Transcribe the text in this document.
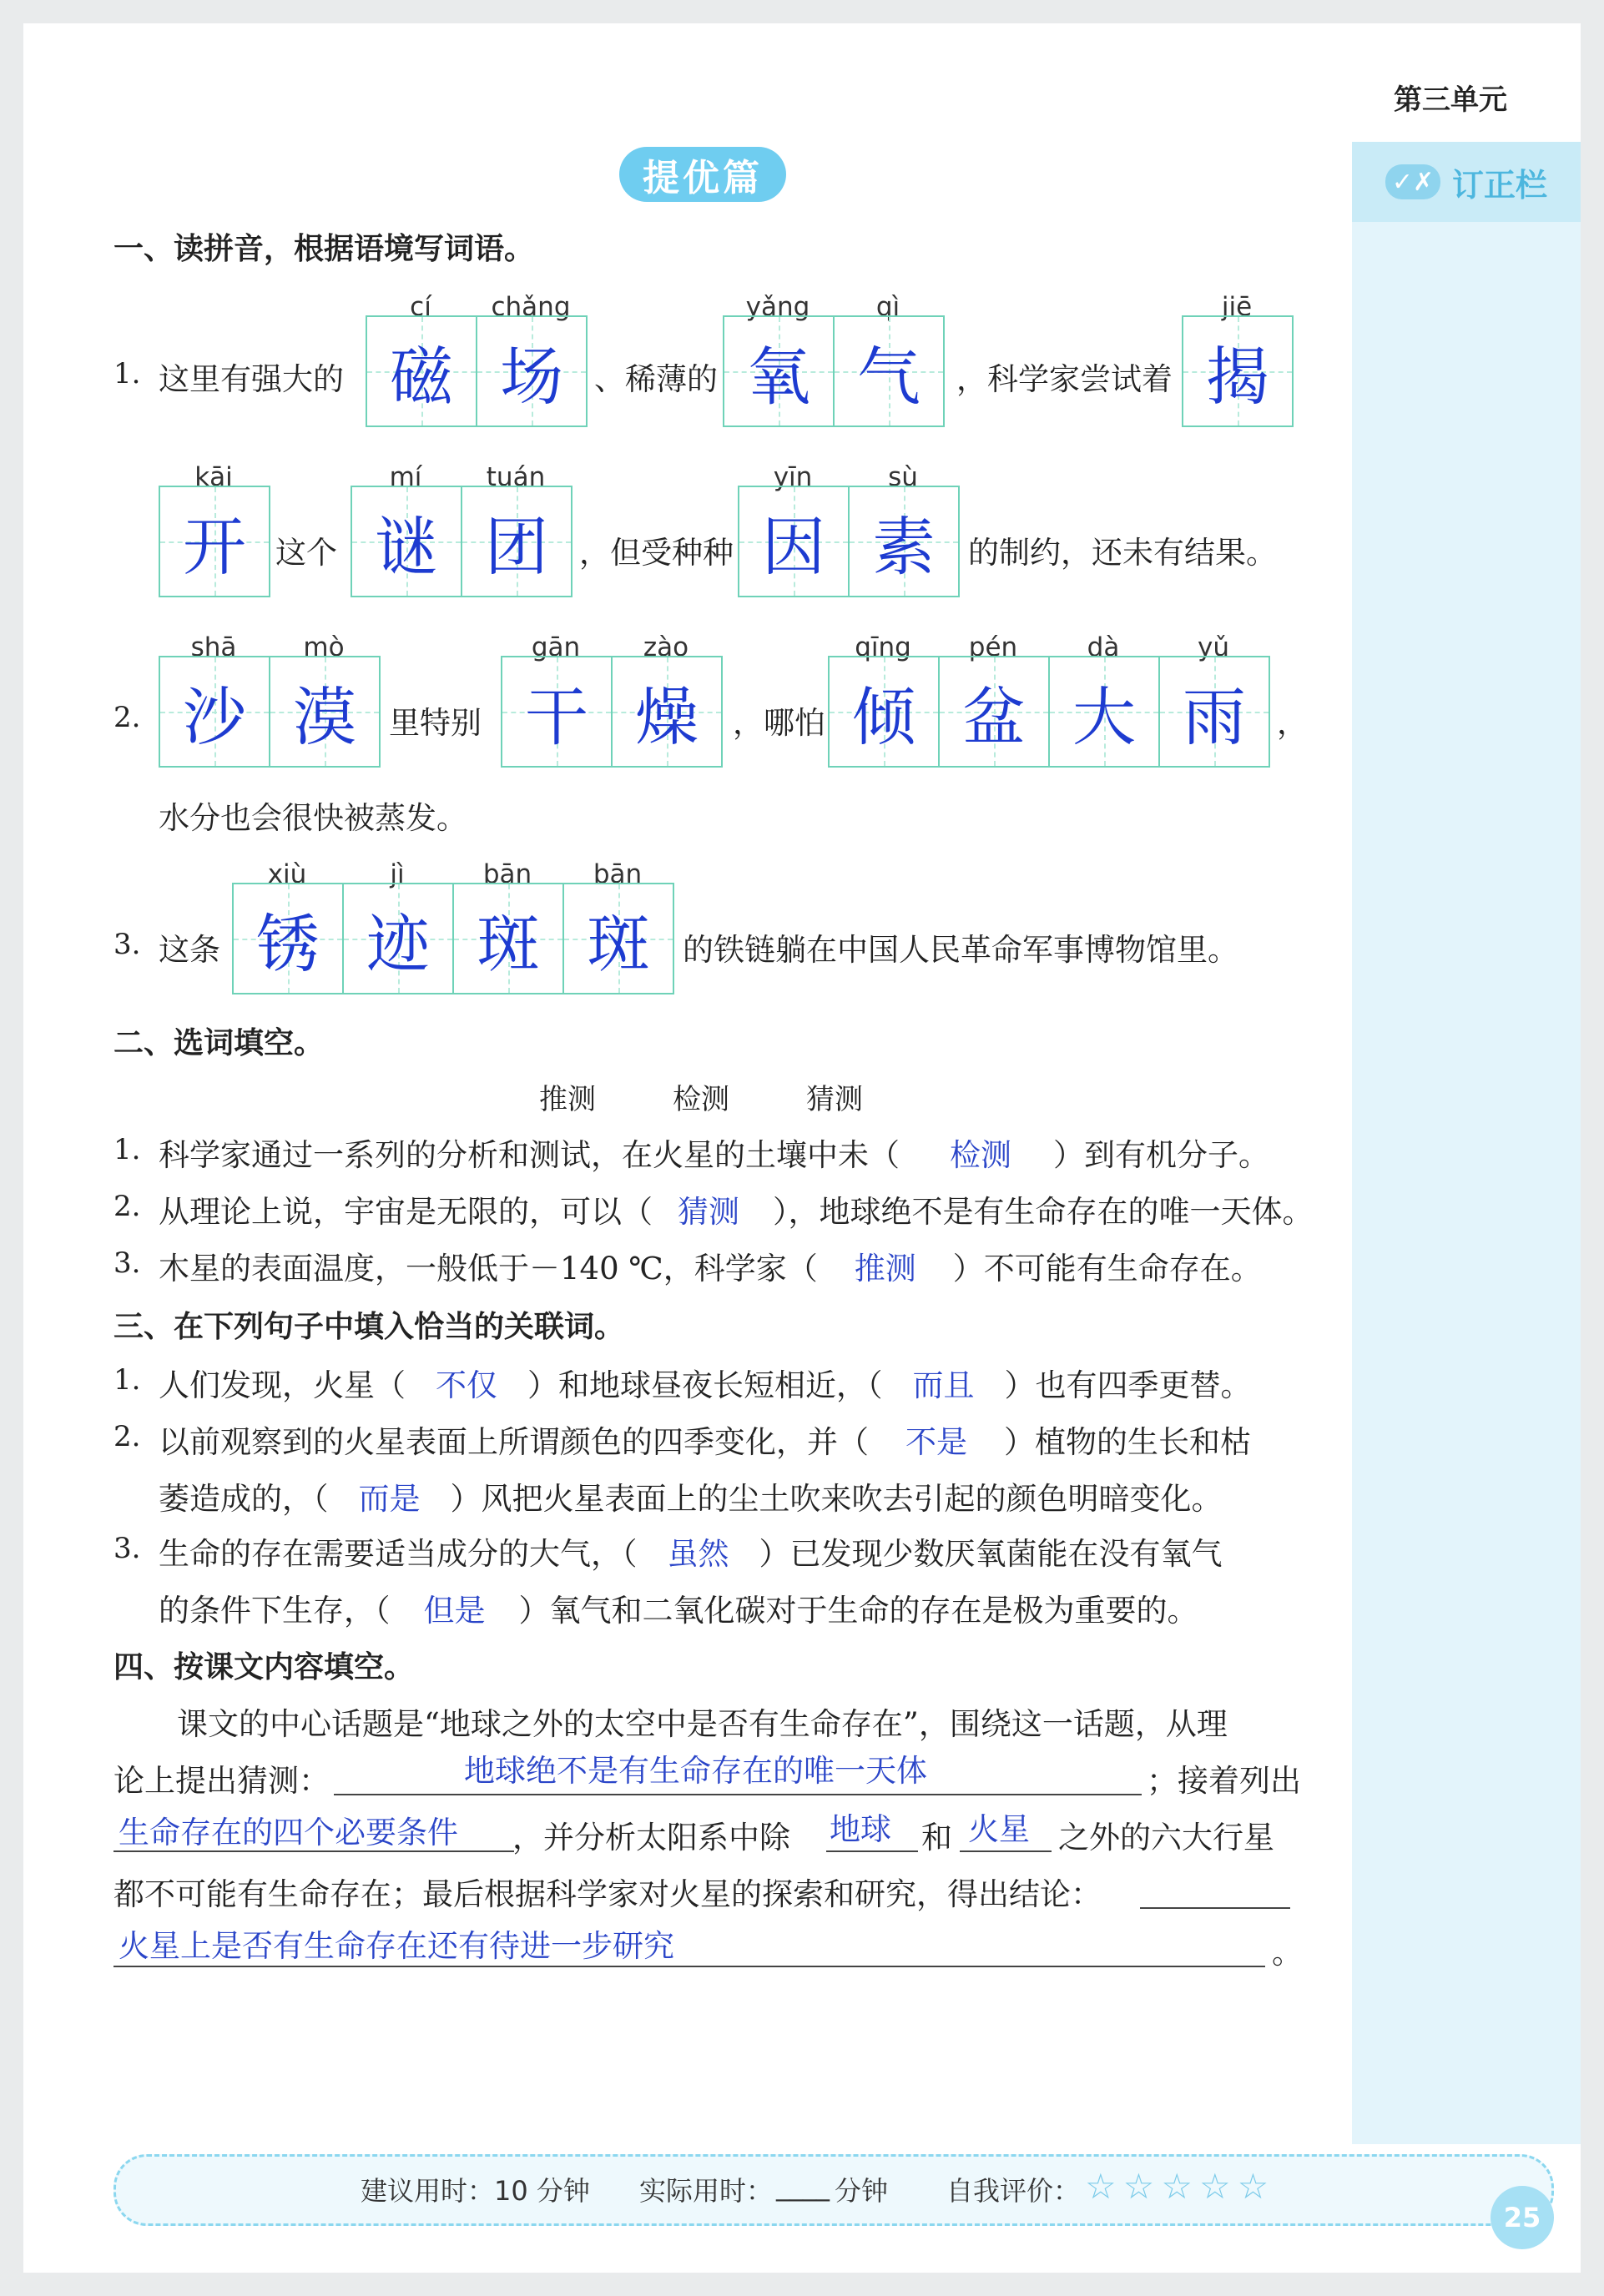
✓✗ 订正栏
第三单元
提优篇
一、读拼音，根据语境写词语。
1. 这里有强大的
cí	chǎng
磁 场 、稀薄的
yǎng	qì
氧 气 ，科学家尝试着
jiē
揭
kāi
开 这个
mí	tuán
谜 团 ，但受种种
yīn	sù
因 素 的制约，还未有结果。
2.
shā	mò
沙 漠 里特别
gān	zào
干 燥 ，哪怕
qīng	pén	dà	yǔ
倾 盆 大 雨 ，
水分也会很快被蒸发。
3. 这条
xiù	jì	bān	bān
锈 迹 斑 斑 的铁链躺在中国人民革命军事博物馆里。
二、选词填空。
推测	检测	猜测
1. 科学家通过一系列的分析和测试，在火星的土壤中未（ 检测 ）到有机分子。
2. 从理论上说，宇宙是无限的，可以（ 猜测 ），地球绝不是有生命存在的唯一天体。
3. 木星的表面温度，一般低于－140 ℃，科学家（ 推测 ）不可能有生命存在。
三、在下列句子中填入恰当的关联词。
1. 人们发现，火星（ 不仅 ）和地球昼夜长短相近，（ 而且 ）也有四季更替。
2. 以前观察到的火星表面上所谓颜色的四季变化，并（ 不是 ）植物的生长和枯
萎造成的，（ 而是 ）风把火星表面上的尘土吹来吹去引起的颜色明暗变化。
3. 生命的存在需要适当成分的大气，（ 虽然 ）已发现少数厌氧菌能在没有氧气
的条件下生存，（ 但是 ）氧气和二氧化碳对于生命的存在是极为重要的。
四、按课文内容填空。
课文的中心话题是“地球之外的太空中是否有生命存在”，围绕这一话题，从理
论上提出猜测：	地球绝不是有生命存在的唯一天体	；接着列出
生命存在的四个必要条件 ，并分析太阳系中除 地球 和 火星 之外的六大行星
都不可能有生命存在；最后根据科学家对火星的探索和研究，得出结论：
火星上是否有生命存在还有待进一步研究	。
建议用时：10 分钟 实际用时： ____ 分钟 自我评价： ☆ ☆ ☆ ☆ ☆
25
